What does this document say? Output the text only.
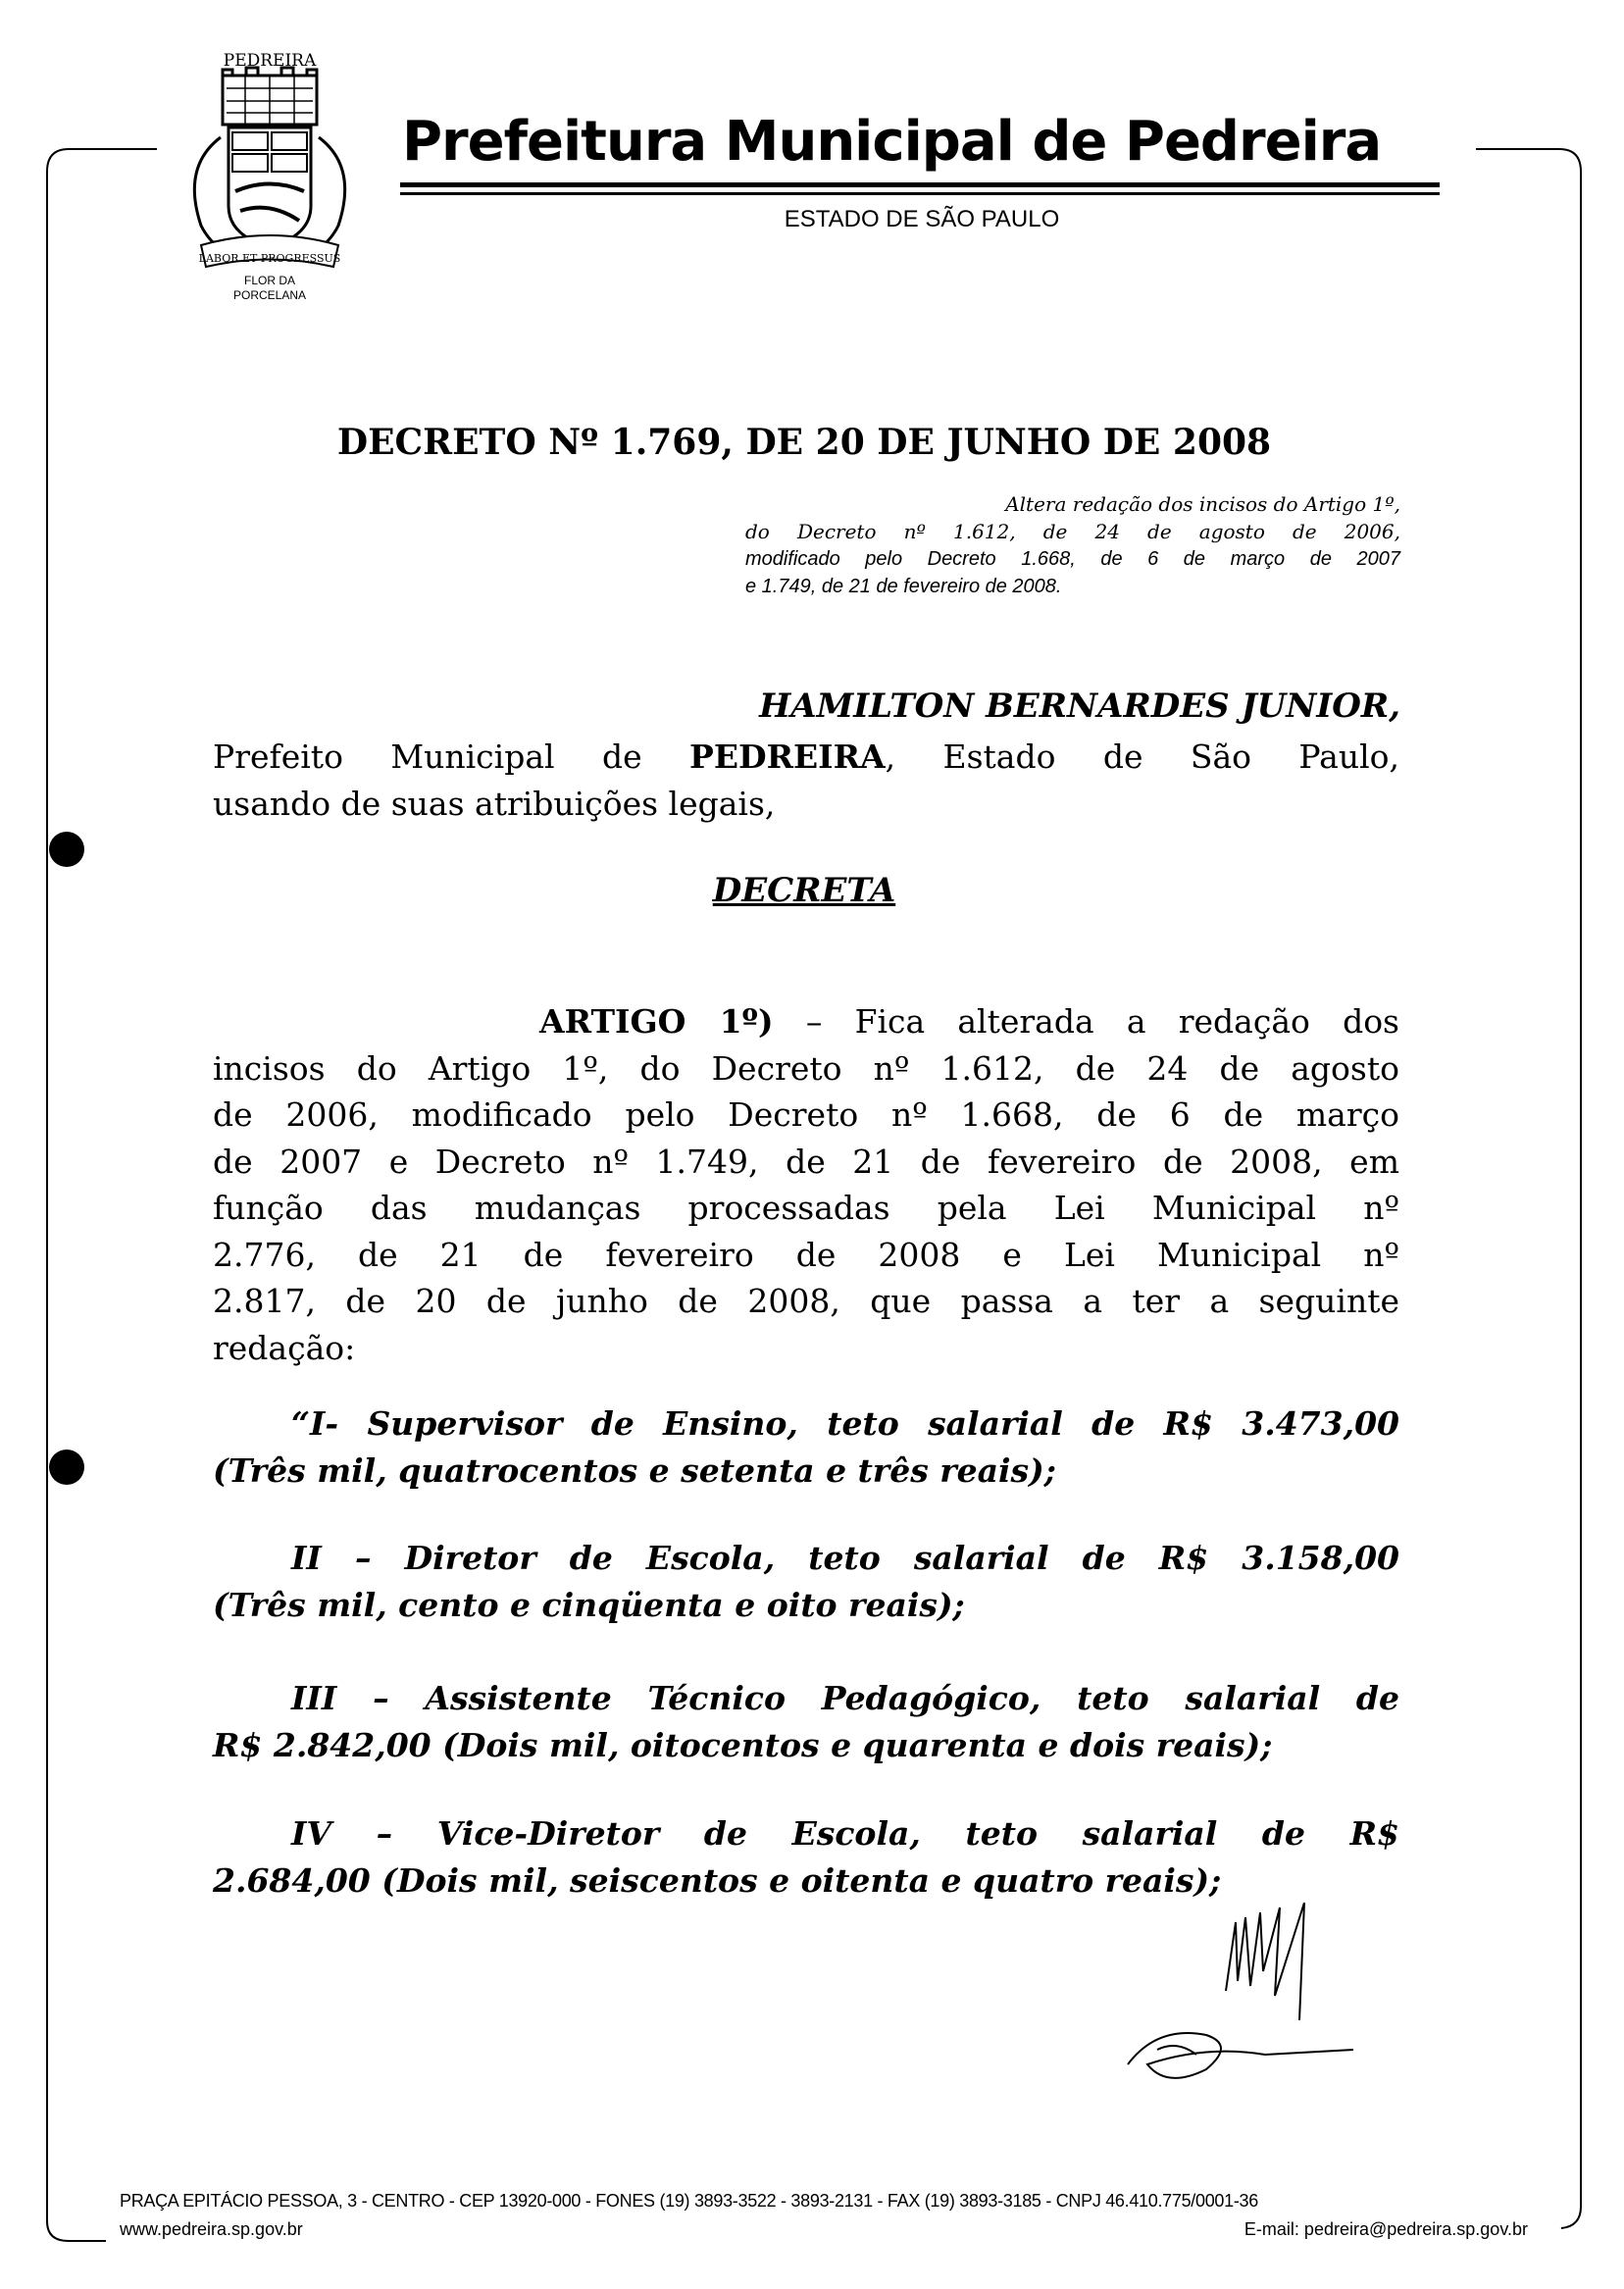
PEDREIRA
LABOR ET PROGRESSUS
FLOR DA
PORCELANA
Prefeitura Municipal de Pedreira
ESTADO DE SÃO PAULO
DECRETO Nº 1.769, DE 20 DE JUNHO DE 2008
Altera redação dos incisos do Artigo 1º,
do Decreto nº 1.612, de 24 de agosto de 2006,
modificado pelo Decreto 1.668, de 6 de março de 2007
e 1.749, de 21 de fevereiro de 2008.
HAMILTON BERNARDES JUNIOR,
Prefeito Municipal de PEDREIRA, Estado de São Paulo,
usando de suas atribuições legais,
DECRETA
ARTIGO 1º) – Fica alterada a redação dos
incisos do Artigo 1º, do Decreto nº 1.612, de 24 de agosto
de 2006, modificado pelo Decreto nº 1.668, de 6 de março
de 2007 e Decreto nº 1.749, de 21 de fevereiro de 2008, em
função das mudanças processadas pela Lei Municipal nº
2.776, de 21 de fevereiro de 2008 e Lei Municipal nº
2.817, de 20 de junho de 2008, que passa a ter a seguinte
redação:
“I- Supervisor de Ensino, teto salarial de R$ 3.473,00
(Três mil, quatrocentos e setenta e três reais);
II – Diretor de Escola, teto salarial de R$ 3.158,00
(Três mil, cento e cinqüenta e oito reais);
III – Assistente Técnico Pedagógico, teto salarial de
R$ 2.842,00 (Dois mil, oitocentos e quarenta e dois reais);
IV – Vice-Diretor de Escola, teto salarial de R$
2.684,00 (Dois mil, seiscentos e oitenta e quatro reais);
PRAÇA EPITÁCIO PESSOA, 3 - CENTRO - CEP 13920-000 - FONES (19) 3893-3522 - 3893-2131 - FAX (19) 3893-3185 - CNPJ 46.410.775/0001-36
www.pedreira.sp.gov.br	E-mail: pedreira@pedreira.sp.gov.br
